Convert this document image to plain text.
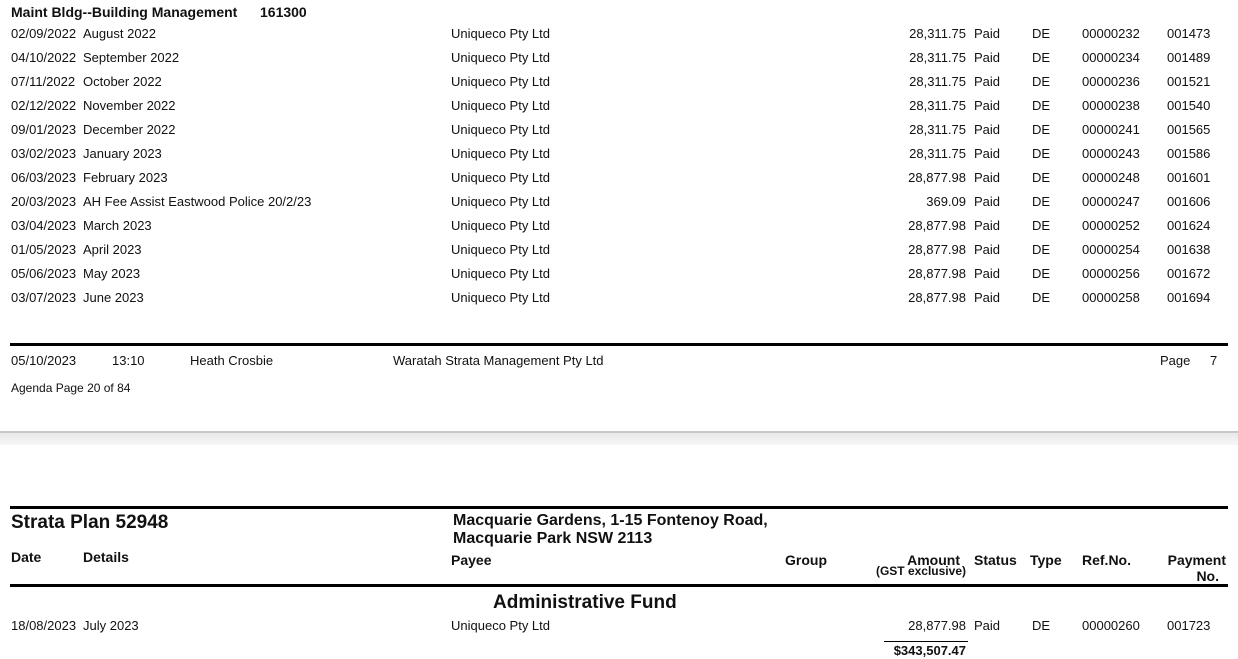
Maint Bldg--Building Management 161300
02/09/2022 August 2022	Uniqueco Pty Ltd	28,311.75 Paid DE 00000232 001473
04/10/2022 September 2022	Uniqueco Pty Ltd	28,311.75 Paid DE 00000234 001489
07/11/2022 October 2022	Uniqueco Pty Ltd	28,311.75 Paid DE 00000236 001521
02/12/2022 November 2022	Uniqueco Pty Ltd	28,311.75 Paid DE 00000238 001540
09/01/2023 December 2022	Uniqueco Pty Ltd	28,311.75 Paid DE 00000241 001565
03/02/2023 January 2023	Uniqueco Pty Ltd	28,311.75 Paid DE 00000243 001586
06/03/2023 February 2023	Uniqueco Pty Ltd	28,877.98 Paid DE 00000248 001601
20/03/2023 AH Fee Assist Eastwood Police 20/2/23	Uniqueco Pty Ltd	369.09 Paid DE 00000247 001606
03/04/2023 March 2023	Uniqueco Pty Ltd	28,877.98 Paid DE 00000252 001624
01/05/2023 April 2023	Uniqueco Pty Ltd	28,877.98 Paid DE 00000254 001638
05/06/2023 May 2023	Uniqueco Pty Ltd	28,877.98 Paid DE 00000256 001672
03/07/2023 June 2023	Uniqueco Pty Ltd	28,877.98 Paid DE 00000258 001694
05/10/2023	13:10	Heath Crosbie	Waratah Strata Management Pty Ltd	Page 7
Agenda Page 20 of 84
Strata Plan 52948	Macquarie Gardens, 1-15 Fontenoy Road,
Macquarie Park NSW 2113
Date	Details	Payee	Group	Amount
(GST exclusive)
Status Type Ref.No.	Payment
No.
Administrative Fund
18/08/2023 July 2023	Uniqueco Pty Ltd	28,877.98 Paid DE 00000260 001723
$343,507.47
